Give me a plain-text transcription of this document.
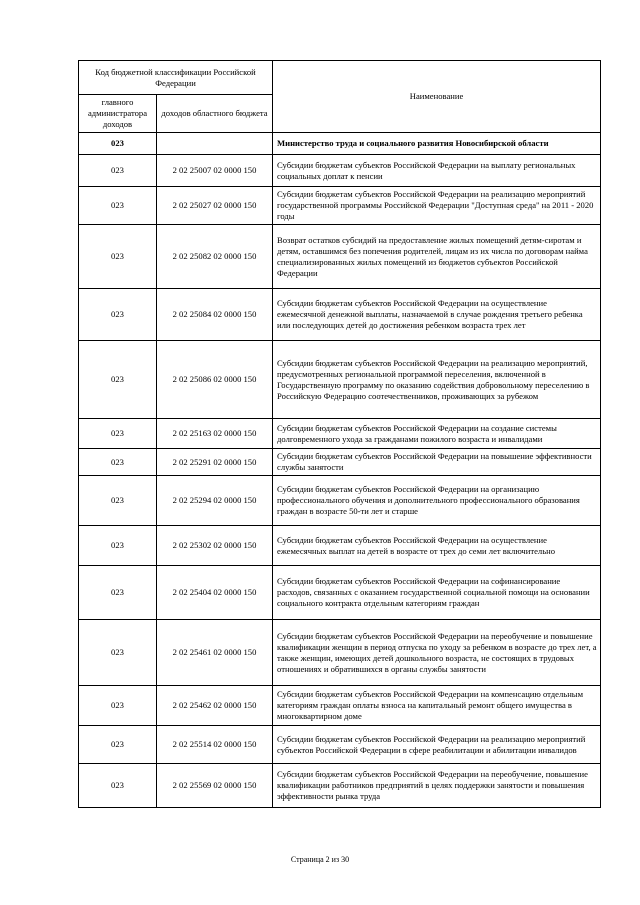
Код бюджетной классификации Российской Федерации		Наименование
главного администратора доходов	доходов областного бюджета	
023		Министерство труда и социального развития Новосибирской области
023	2 02 25007 02 0000 150	Субсидии бюджетам субъектов Российской Федерации на выплату региональных социальных доплат к пенсии
023	2 02 25027 02 0000 150	Субсидии бюджетам субъектов Российской Федерации на реализацию мероприятий государственной программы Российской Федерации "Доступная среда" на 2011 - 2020 годы
023	2 02 25082 02 0000 150	Возврат остатков субсидий на предоставление жилых помещений детям-сиротам и детям, оставшимся без попечения родителей, лицам из их числа по договорам найма специализированных жилых помещений из бюджетов субъектов Российской Федерации
023	2 02 25084 02 0000 150	Субсидии бюджетам субъектов Российской Федерации на осуществление ежемесячной денежной выплаты, назначаемой в случае рождения третьего ребенка или последующих детей до достижения ребенком возраста трех лет
023	2 02 25086 02 0000 150	Субсидии бюджетам субъектов Российской Федерации на реализацию мероприятий, предусмотренных региональной программой переселения, включенной в Государственную программу по оказанию содействия добровольному переселению в Российскую Федерацию соотечественников, проживающих за рубежом
023	2 02 25163 02 0000 150	Субсидии бюджетам субъектов Российской Федерации на создание системы долговременного ухода за гражданами пожилого возраста и инвалидами
023	2 02 25291 02 0000 150	Субсидии бюджетам субъектов Российской Федерации на повышение эффективности службы занятости
023	2 02 25294 02 0000 150	Субсидии бюджетам субъектов Российской Федерации на организацию профессионального обучения и дополнительного профессионального образования граждан в возрасте 50-ти лет и старше
023	2 02 25302 02 0000 150	Субсидии бюджетам субъектов Российской Федерации на осуществление ежемесячных выплат на детей в возрасте от трех до семи лет включительно
023	2 02 25404 02 0000 150	Субсидии бюджетам субъектов Российской Федерации на софинансирование расходов, связанных с оказанием государственной социальной помощи на основании социального контракта отдельным категориям граждан
023	2 02 25461 02 0000 150	Субсидии бюджетам субъектов Российской Федерации на переобучение и повышение квалификации женщин в период отпуска по уходу за ребенком в возрасте до трех лет, а также женщин, имеющих детей дошкольного возраста, не состоящих в трудовых отношениях и обратившихся в органы службы занятости
023	2 02 25462 02 0000 150	Субсидии бюджетам субъектов Российской Федерации на компенсацию отдельным категориям граждан оплаты взноса на капитальный ремонт общего имущества в многоквартирном доме
023	2 02 25514 02 0000 150	Субсидии бюджетам субъектов Российской Федерации на реализацию мероприятий субъектов Российской Федерации в сфере реабилитации и абилитации инвалидов
023	2 02 25569 02 0000 150	Субсидии бюджетам субъектов Российской Федерации на переобучение, повышение квалификации работников предприятий в целях поддержки занятости и повышения эффективности рынка труда
Страница 2 из 30
